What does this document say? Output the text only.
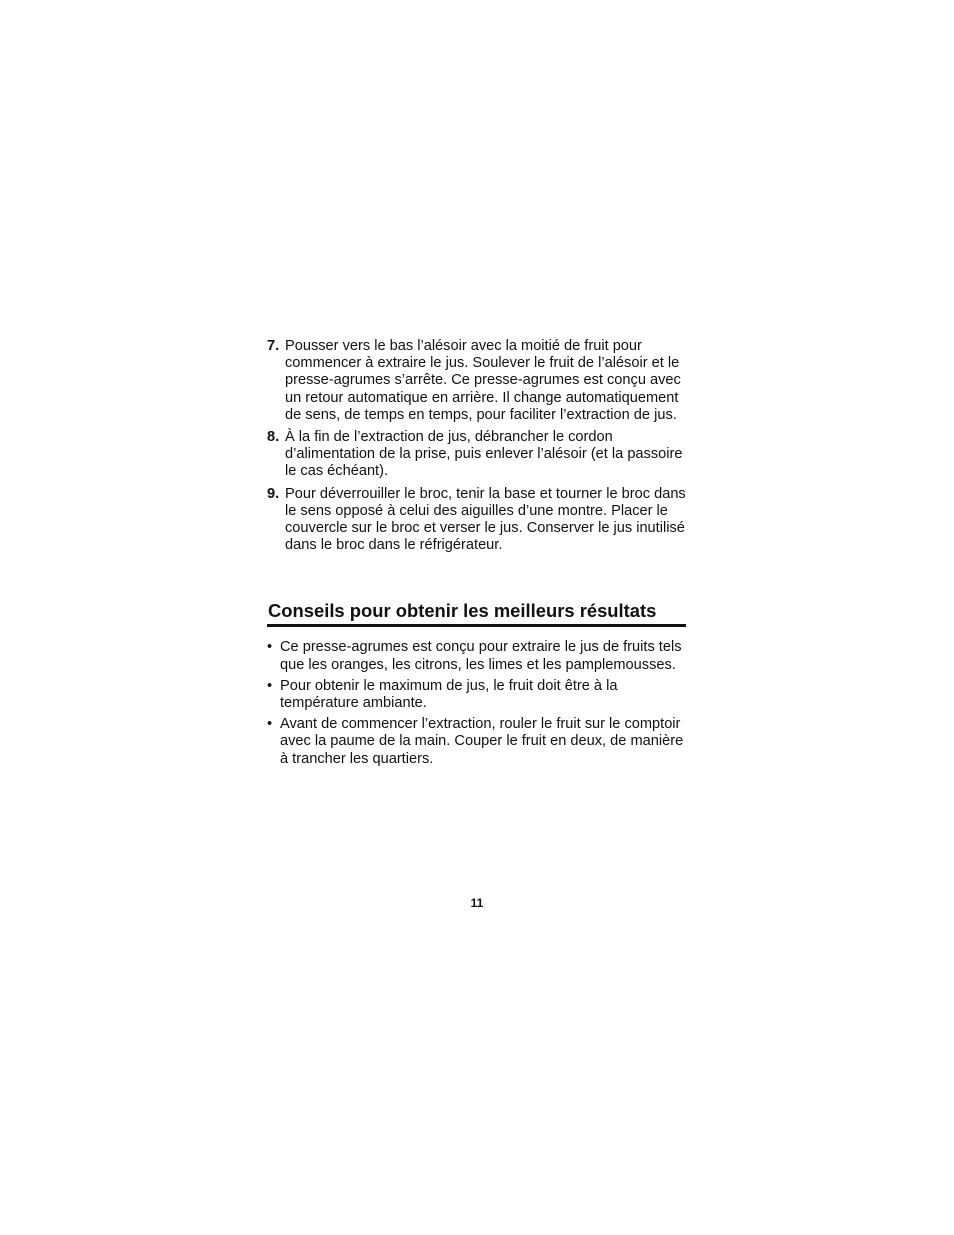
7. Pousser vers le bas l’alésoir avec la moitié de fruit pour commencer à extraire le jus. Soulever le fruit de l’alésoir et le presse-agrumes s’arrête. Ce presse-agrumes est conçu avec un retour automatique en arrière. Il change automatiquement de sens, de temps en temps, pour faciliter l’extraction de jus.
8. À la fin de l’extraction de jus, débrancher le cordon d’alimentation de la prise, puis enlever l’alésoir (et la passoire le cas échéant).
9. Pour déverrouiller le broc, tenir la base et tourner le broc dans le sens opposé à celui des aiguilles d’une montre. Placer le couvercle sur le broc et verser le jus. Conserver le jus inutilisé dans le broc dans le réfrigérateur.
Conseils pour obtenir les meilleurs résultats
• Ce presse-agrumes est conçu pour extraire le jus de fruits tels que les oranges, les citrons, les limes et les pamplemousses.
• Pour obtenir le maximum de jus, le fruit doit être à la température ambiante.
• Avant de commencer l’extraction, rouler le fruit sur le comptoir avec la paume de la main. Couper le fruit en deux, de manière à trancher les quartiers.
11
